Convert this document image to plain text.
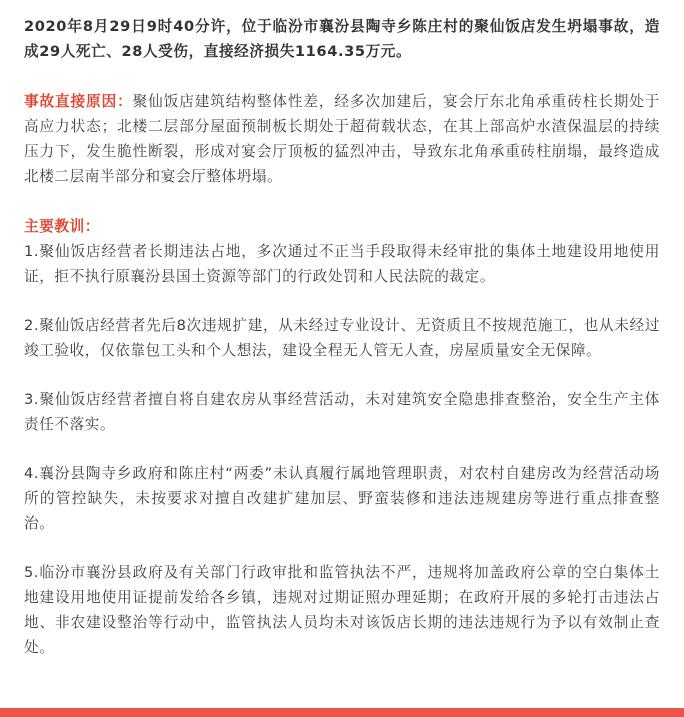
2020年8月29日9时40分许，位于临汾市襄汾县陶寺乡陈庄村的聚仙饭店发生坍塌事故，造成29人死亡、28人受伤，直接经济损失1164.35万元。

事故直接原因：聚仙饭店建筑结构整体性差，经多次加建后，宴会厅东北角承重砖柱长期处于高应力状态；北楼二层部分屋面预制板长期处于超荷载状态，在其上部高炉水渣保温层的持续压力下，发生脆性断裂，形成对宴会厅顶板的猛烈冲击，导致东北角承重砖柱崩塌，最终造成北楼二层南半部分和宴会厅整体坍塌。

主要教训：

1.聚仙饭店经营者长期违法占地，多次通过不正当手段取得未经审批的集体土地建设用地使用证，拒不执行原襄汾县国土资源等部门的行政处罚和人民法院的裁定。

2.聚仙饭店经营者先后8次违规扩建，从未经过专业设计、无资质且不按规范施工，也从未经过竣工验收，仅依靠包工头和个人想法，建设全程无人管无人查，房屋质量安全无保障。

3.聚仙饭店经营者擅自将自建农房从事经营活动，未对建筑安全隐患排查整治，安全生产主体责任不落实。

4.襄汾县陶寺乡政府和陈庄村“两委”未认真履行属地管理职责，对农村自建房改为经营活动场所的管控缺失，未按要求对擅自改建扩建加层、野蛮装修和违法违规建房等进行重点排查整治。

5.临汾市襄汾县政府及有关部门行政审批和监管执法不严，违规将加盖政府公章的空白集体土地建设用地使用证提前发给各乡镇，违规对过期证照办理延期；在政府开展的多轮打击违法占地、非农建设整治等行动中，监管执法人员均未对该饭店长期的违法违规行为予以有效制止查处。
